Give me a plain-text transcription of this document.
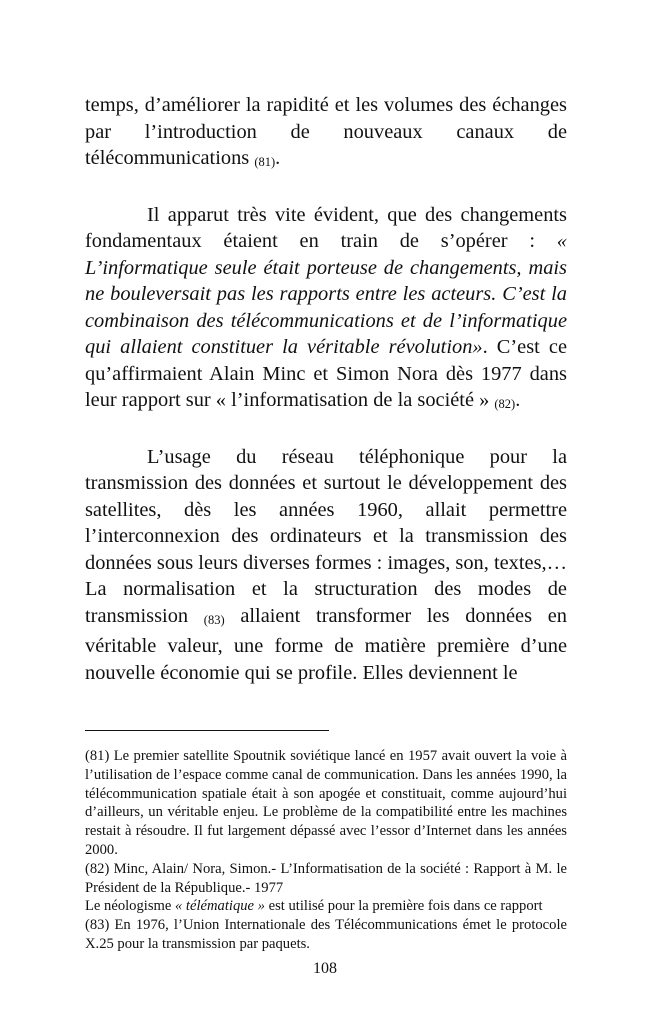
temps, d’améliorer la rapidité et les volumes des échanges par l’introduction de nouveaux canaux de télécommunications (81).

Il apparut très vite évident, que des changements fondamentaux étaient en train de s’opérer : « L’informatique seule était porteuse de changements, mais ne bouleversait pas les rapports entre les acteurs. C’est la combinaison des télécommunications et de l’informatique qui allaient constituer la véritable révolution». C’est ce qu’affirmaient Alain Minc et Simon Nora dès 1977 dans leur rapport sur « l’informatisation de la société » (82).

L’usage du réseau téléphonique pour la transmission des données et surtout le développement des satellites, dès les années 1960, allait permettre l’interconnexion des ordinateurs et la transmission des données sous leurs diverses formes : images, son, textes,… La normalisation et la structuration des modes de transmission (83) allaient transformer les données en véritable valeur, une forme de matière première d’une nouvelle économie qui se profile. Elles deviennent le

(81) Le premier satellite Spoutnik soviétique lancé en 1957 avait ouvert la voie à l’utilisation de l’espace comme canal de communication. Dans les années 1990, la télécommunication spatiale était à son apogée et constituait, comme aujourd’hui d’ailleurs, un véritable enjeu. Le problème de la compatibilité entre les machines restait à résoudre. Il fut largement dépassé avec l’essor d’Internet dans les années 2000.

(82) Minc, Alain/ Nora, Simon.- L’Informatisation de la société : Rapport à M. le Président de la République.- 1977

Le néologisme « télématique » est utilisé pour la première fois dans ce rapport

(83) En 1976, l’Union Internationale des Télécommunications émet le protocole X.25 pour la transmission par paquets.

108
